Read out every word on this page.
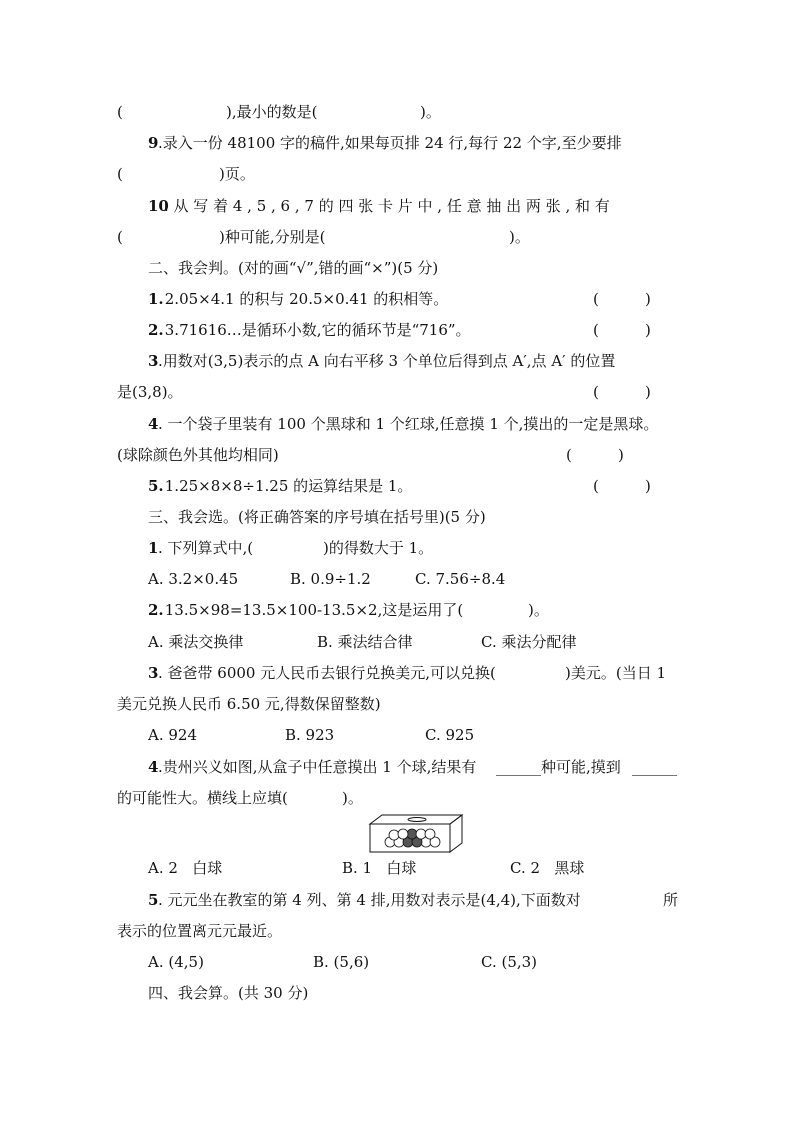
(	),最小的数是(	)。
9 .录入一份 48100 字的稿件,如果每页排 24 行,每行 22 个字,至少要排
(	)页。
10
. 从 写 着 4 , 5 , 6 , 7 的 四 张 卡 片 中 , 任 意 抽 出 两 张 , 和 有
(	)种可能,分别是(	)。
二、我会判。(对的画“√”,错的画“×”)(5 分)
1.
2.05×4.1 的积与 20.5×0.41 的积相等。	(	)
2.
3.71616…是循环小数,它的循环节是“716”。	(	)
3 .用数对(3,5)表示的点 A 向右平移 3 个单位后得到点 A′,点 A′ 的位置
是(3,8)。	(	)
4 . 一个袋子里装有 100 个黑球和 1 个红球,任意摸 1 个,摸出的一定是黑球。
(球除颜色外其他均相同)	(	)
5.
1.25×8×8÷1.25 的运算结果是 1。	(	)
三、我会选。(将正确答案的序号填在括号里)(5 分)
1 . 下列算式中,(	)的得数大于 1。
A. 3.2×0.45	B. 0.9÷1.2	C. 7.56÷8.4
2.
13.5×98=13.5×100-13.5×2,这是运用了(	)。
A. 乘法交换律	B. 乘法结合律	C. 乘法分配律
3 . 爸爸带 6000 元人民币去银行兑换美元,可以兑换(	)美元。(当日 1
美元兑换人民币 6.50 元,得数保留整数)
A. 924	B. 923	C. 925
4 .贵州兴义如图,从盒子中任意摸出 1 个球,结果有 ______ 种可能,摸到 ______
的可能性大。横线上应填(	)。
A. 2   白球	B. 1   白球	C. 2   黑球
5 . 元元坐在教室的第 4 列、第 4 排,用数对表示是(4,4),下面数对	所
表示的位置离元元最近。
A. (4,5)	B. (5,6)	C. (5,3)
四、我会算。(共 30 分)
